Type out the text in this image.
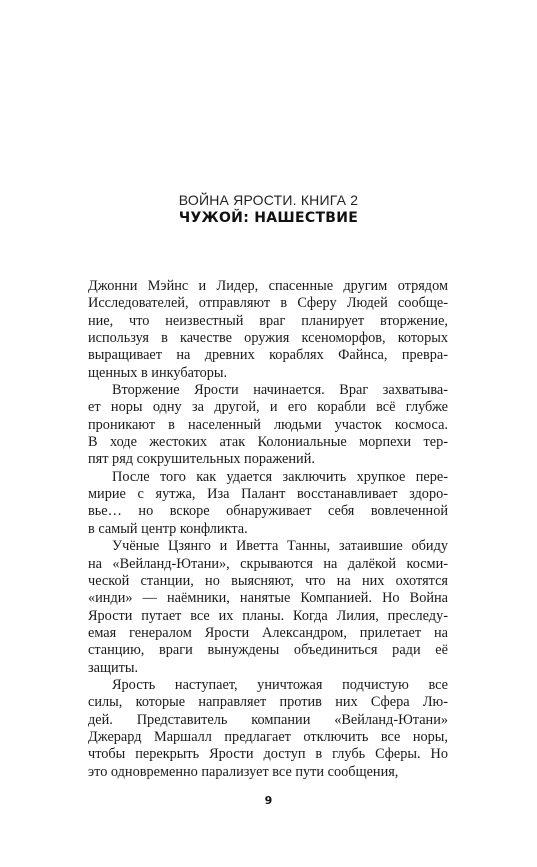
ВОЙНА ЯРОСТИ. КНИГА 2
ЧУЖОЙ: НАШЕСТВИЕ
Джонни Мэйнс и Лидер, спасенные другим отрядом
Исследователей, отправляют в Сферу Людей сообще-
ние, что неизвестный враг планирует вторжение,
используя в качестве оружия ксеноморфов, которых
выращивает на древних кораблях Файнса, превра-
щенных в инкубаторы.
Вторжение Ярости начинается. Враг захватыва-
ет норы одну за другой, и его корабли всё глубже
проникают в населенный людьми участок космоса.
В ходе жестоких атак Колониальные морпехи тер-
пят ряд сокрушительных поражений.
После того как удается заключить хрупкое пере-
мирие с яутжа, Иза Палант восстанавливает здоро-
вье… но вскоре обнаруживает себя вовлеченной
в самый центр конфликта.
Учёные Цзянго и Иветта Танны, затаившие обиду
на «Вейланд-Ютани», скрываются на далёкой косми-
ческой станции, но выясняют, что на них охотятся
«инди» — наёмники, нанятые Компанией. Но Война
Ярости путает все их планы. Когда Лилия, преследу-
емая генералом Ярости Александром, прилетает на
станцию, враги вынуждены объединиться ради её
защиты.
Ярость наступает, уничтожая подчистую все
силы, которые направляет против них Сфера Лю-
дей. Представитель компании «Вейланд-Ютани»
Джерард Маршалл предлагает отключить все норы,
чтобы перекрыть Ярости доступ в глубь Сферы. Но
это одновременно парализует все пути сообщения,
9
